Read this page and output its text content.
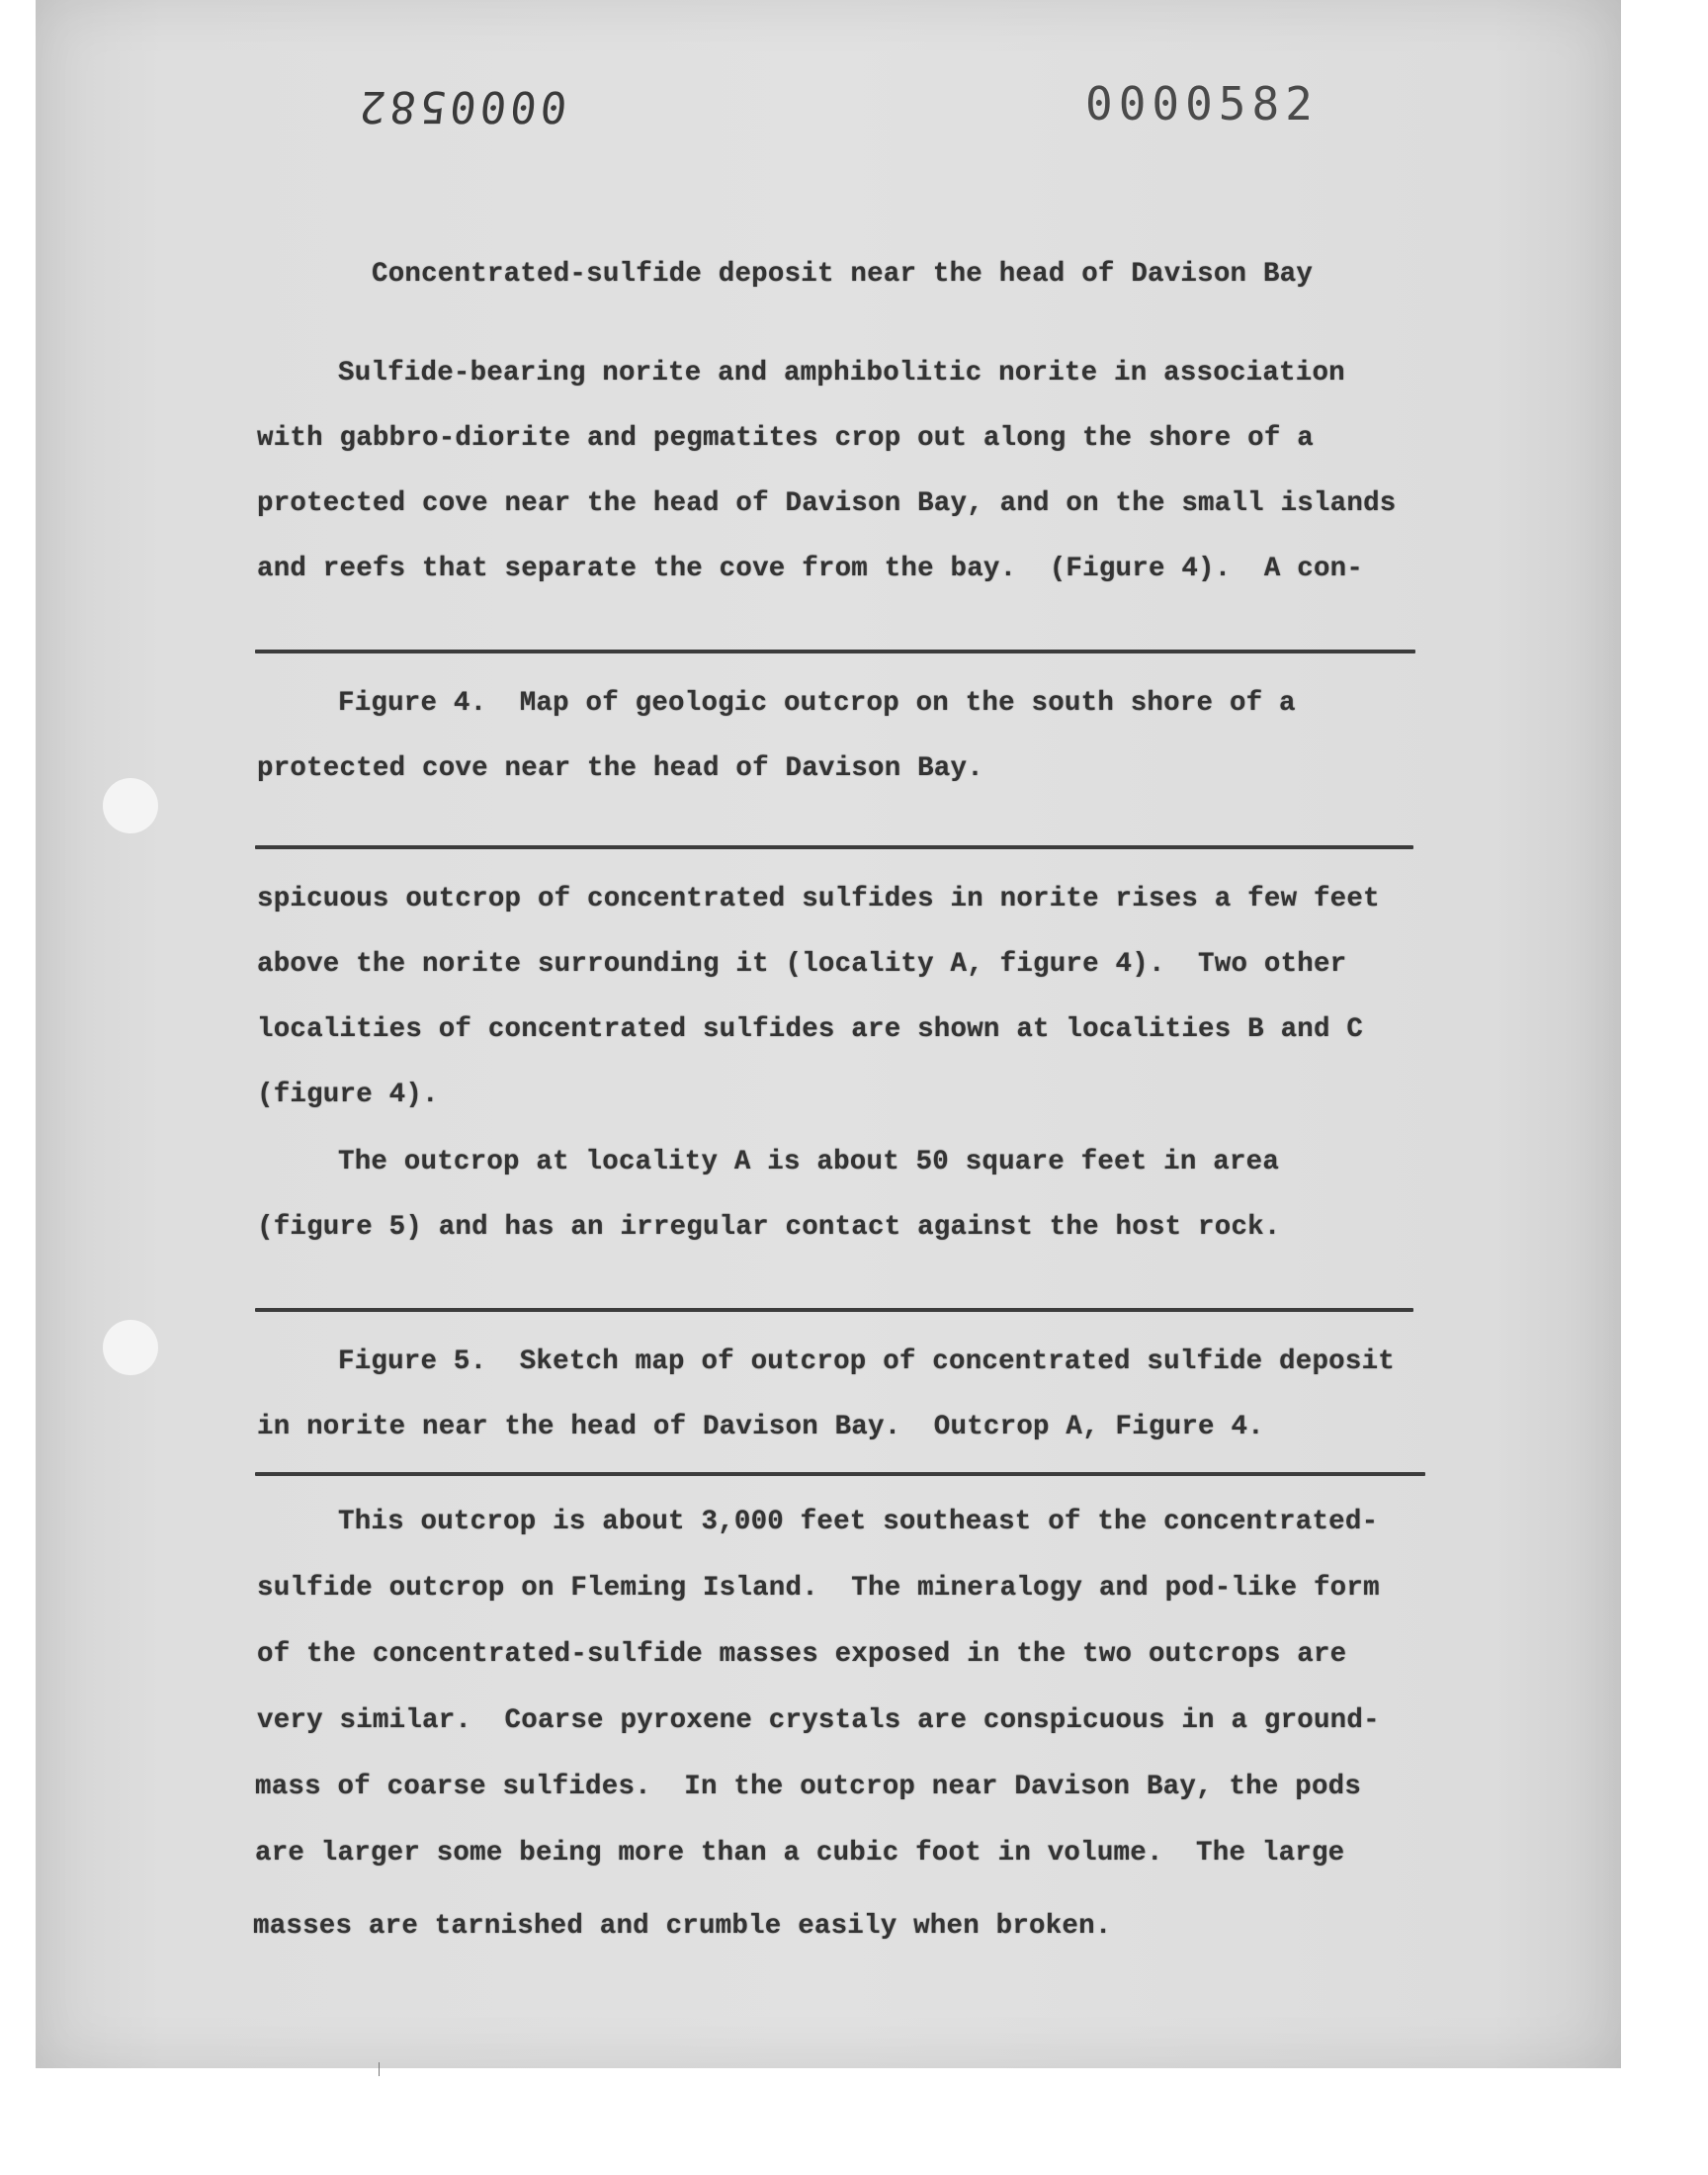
0000582	0000582

Concentrated-sulfide deposit near the head of Davison Bay

Sulfide-bearing norite and amphibolitic norite in association

with gabbro-diorite and pegmatites crop out along the shore of a

protected cove near the head of Davison Bay, and on the small islands

and reefs that separate the cove from the bay.  (Figure 4).  A con-

Figure 4.  Map of geologic outcrop on the south shore of a

protected cove near the head of Davison Bay.

spicuous outcrop of concentrated sulfides in norite rises a few feet

above the norite surrounding it (locality A, figure 4).  Two other

localities of concentrated sulfides are shown at localities B and C

(figure 4).

The outcrop at locality A is about 50 square feet in area

(figure 5) and has an irregular contact against the host rock.

Figure 5.  Sketch map of outcrop of concentrated sulfide deposit

in norite near the head of Davison Bay.  Outcrop A, Figure 4.

This outcrop is about 3,000 feet southeast of the concentrated-

sulfide outcrop on Fleming Island.  The mineralogy and pod-like form

of the concentrated-sulfide masses exposed in the two outcrops are

very similar.  Coarse pyroxene crystals are conspicuous in a ground-

mass of coarse sulfides.  In the outcrop near Davison Bay, the pods

are larger some being more than a cubic foot in volume.  The large

masses are tarnished and crumble easily when broken.
